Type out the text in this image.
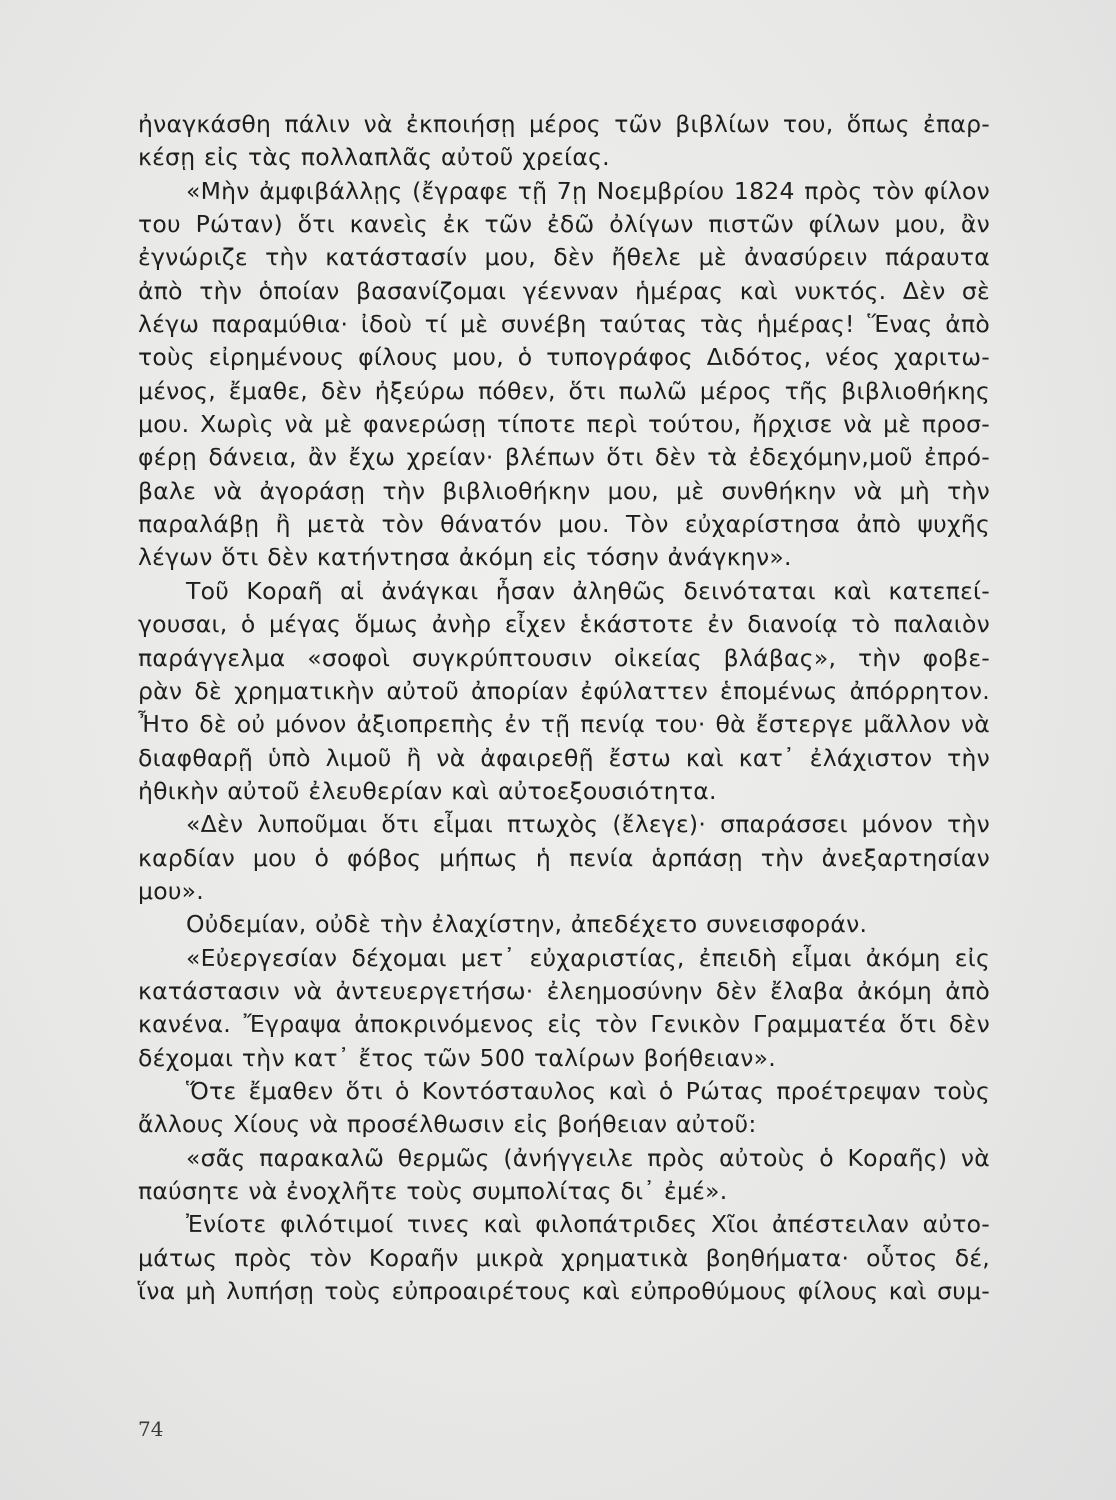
ἠναγκάσθη πάλιν νὰ ἐκποιήσῃ μέρος τῶν βιβλίων του, ὅπως ἐπαρ-
κέσῃ εἰς τὰς πολλαπλᾶς αὐτοῦ χρείας.
«Μὴν ἀμφιβάλλῃς (ἔγραφε τῇ 7ῃ Νοεμβρίου 1824 πρὸς τὸν φίλον
του Ρώταν) ὅτι κανεὶς ἐκ τῶν ἐδῶ ὀλίγων πιστῶν φίλων μου, ἂν
ἐγνώριζε τὴν κατάστασίν μου, δὲν ἤθελε μὲ ἀνασύρειν πάραυτα
ἀπὸ τὴν ὁποίαν βασανίζομαι γέενναν ἡμέρας καὶ νυκτός. Δὲν σὲ
λέγω παραμύθια· ἰδοὺ τί μὲ συνέβη ταύτας τὰς ἡμέρας! Ἕνας ἀπὸ
τοὺς εἰρημένους φίλους μου, ὁ τυπογράφος Διδότος, νέος χαριτω-
μένος, ἔμαθε, δὲν ἠξεύρω πόθεν, ὅτι πωλῶ μέρος τῆς βιβλιοθήκης
μου. Χωρὶς νὰ μὲ φανερώσῃ τίποτε περὶ τούτου, ἤρχισε νὰ μὲ προσ-
φέρῃ δάνεια, ἂν ἔχω χρείαν· βλέπων ὅτι δὲν τὰ ἐδεχόμην,μοῦ ἐπρό-
βαλε νὰ ἀγοράσῃ τὴν βιβλιοθήκην μου, μὲ συνθήκην νὰ μὴ τὴν
παραλάβῃ ἢ μετὰ τὸν θάνατόν μου. Τὸν εὐχαρίστησα ἀπὸ ψυχῆς
λέγων ὅτι δὲν κατήντησα ἀκόμη εἰς τόσην ἀνάγκην».
Τοῦ Κοραῆ αἱ ἀνάγκαι ἦσαν ἀληθῶς δεινόταται καὶ κατεπεί-
γουσαι, ὁ μέγας ὅμως ἀνὴρ εἶχεν ἑκάστοτε ἐν διανοίᾳ τὸ παλαιὸν
παράγγελμα «σοφοὶ συγκρύπτουσιν οἰκείας βλάβας», τὴν φοβε-
ρὰν δὲ χρηματικὴν αὐτοῦ ἀπορίαν ἐφύλαττεν ἑπομένως ἀπόρρητον.
Ἦτο δὲ οὐ μόνον ἀξιοπρεπὴς ἐν τῇ πενίᾳ του· θὰ ἔστεργε μᾶλλον νὰ
διαφθαρῇ ὑπὸ λιμοῦ ἢ νὰ ἀφαιρεθῇ ἔστω καὶ κατ᾽ ἐλάχιστον τὴν
ἠθικὴν αὐτοῦ ἐλευθερίαν καὶ αὐτοεξουσιότητα.
«Δὲν λυποῦμαι ὅτι εἶμαι πτωχὸς (ἔλεγε)· σπαράσσει μόνον τὴν
καρδίαν μου ὁ φόβος μήπως ἡ πενία ἁρπάσῃ τὴν ἀνεξαρτησίαν
μου».
Οὐδεμίαν, οὐδὲ τὴν ἐλαχίστην, ἀπεδέχετο συνεισφοράν.
«Εὐεργεσίαν δέχομαι μετ᾽ εὐχαριστίας, ἐπειδὴ εἶμαι ἀκόμη εἰς
κατάστασιν νὰ ἀντευεργετήσω· ἐλεημοσύνην δὲν ἔλαβα ἀκόμη ἀπὸ
κανένα. Ἔγραψα ἀποκρινόμενος εἰς τὸν Γενικὸν Γραμματέα ὅτι δὲν
δέχομαι τὴν κατ᾽ ἔτος τῶν 500 ταλίρων βοήθειαν».
Ὅτε ἔμαθεν ὅτι ὁ Κοντόσταυλος καὶ ὁ Ρώτας προέτρεψαν τοὺς
ἄλλους Χίους νὰ προσέλθωσιν εἰς βοήθειαν αὐτοῦ:
«σᾶς παρακαλῶ θερμῶς (ἀνήγγειλε πρὸς αὐτοὺς ὁ Κοραῆς) νὰ
παύσητε νὰ ἐνοχλῆτε τοὺς συμπολίτας δι᾽ ἐμέ».
Ἐνίοτε φιλότιμοί τινες καὶ φιλοπάτριδες Χῖοι ἀπέστειλαν αὐτο-
μάτως πρὸς τὸν Κοραῆν μικρὰ χρηματικὰ βοηθήματα· οὗτος δέ,
ἵνα μὴ λυπήσῃ τοὺς εὐπροαιρέτους καὶ εὐπροθύμους φίλους καὶ συμ-
74
